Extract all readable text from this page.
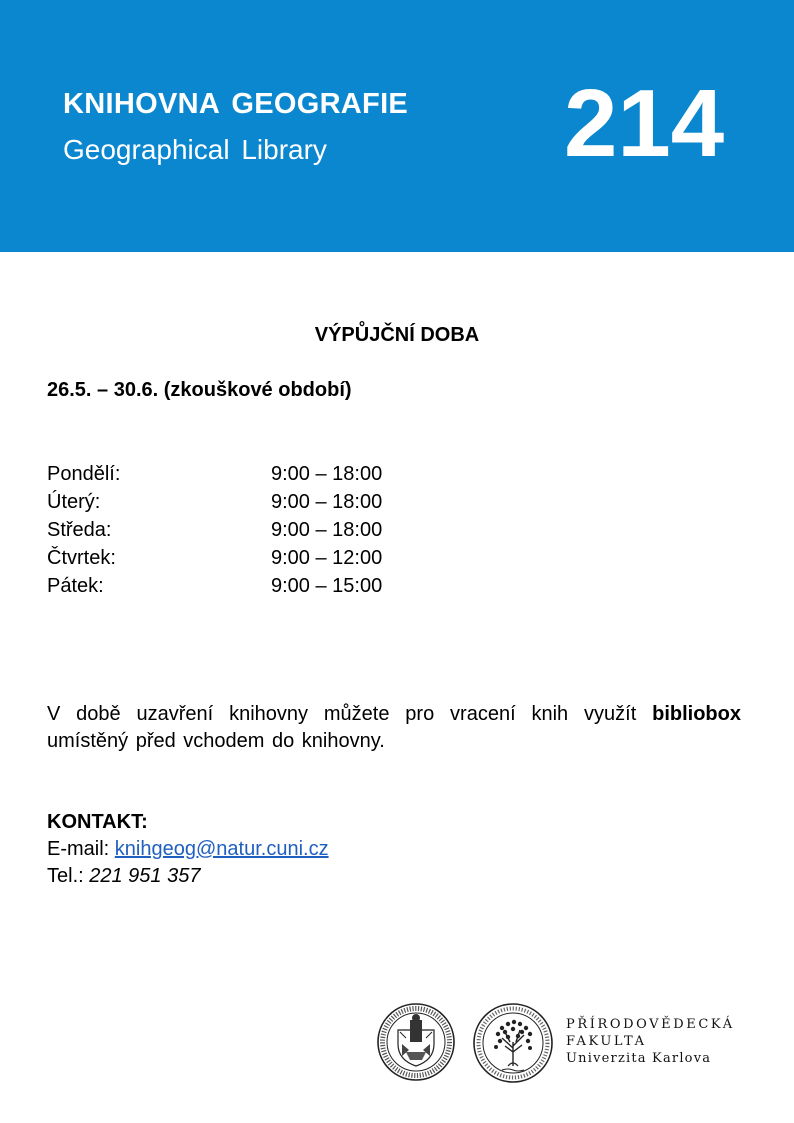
KNIHOVNA GEOGRAFIE
Geographical Library 214
VÝPŮJČNÍ DOBA
26.5. – 30.6. (zkouškové období)
Pondělí:	9:00 – 18:00
Úterý:	9:00 – 18:00
Středa:	9:00 – 18:00
Čtvrtek:	9:00 – 12:00
Pátek:	9:00 – 15:00
V době uzavření knihovny můžete pro vracení knih využít bibliobox umístěný před vchodem do knihovny.
KONTAKT:
E-mail: knihgeog@natur.cuni.cz
Tel.: 221 951 357
PŘÍRODOVĚDECKÁ
FAKULTA
Univerzita Karlova
